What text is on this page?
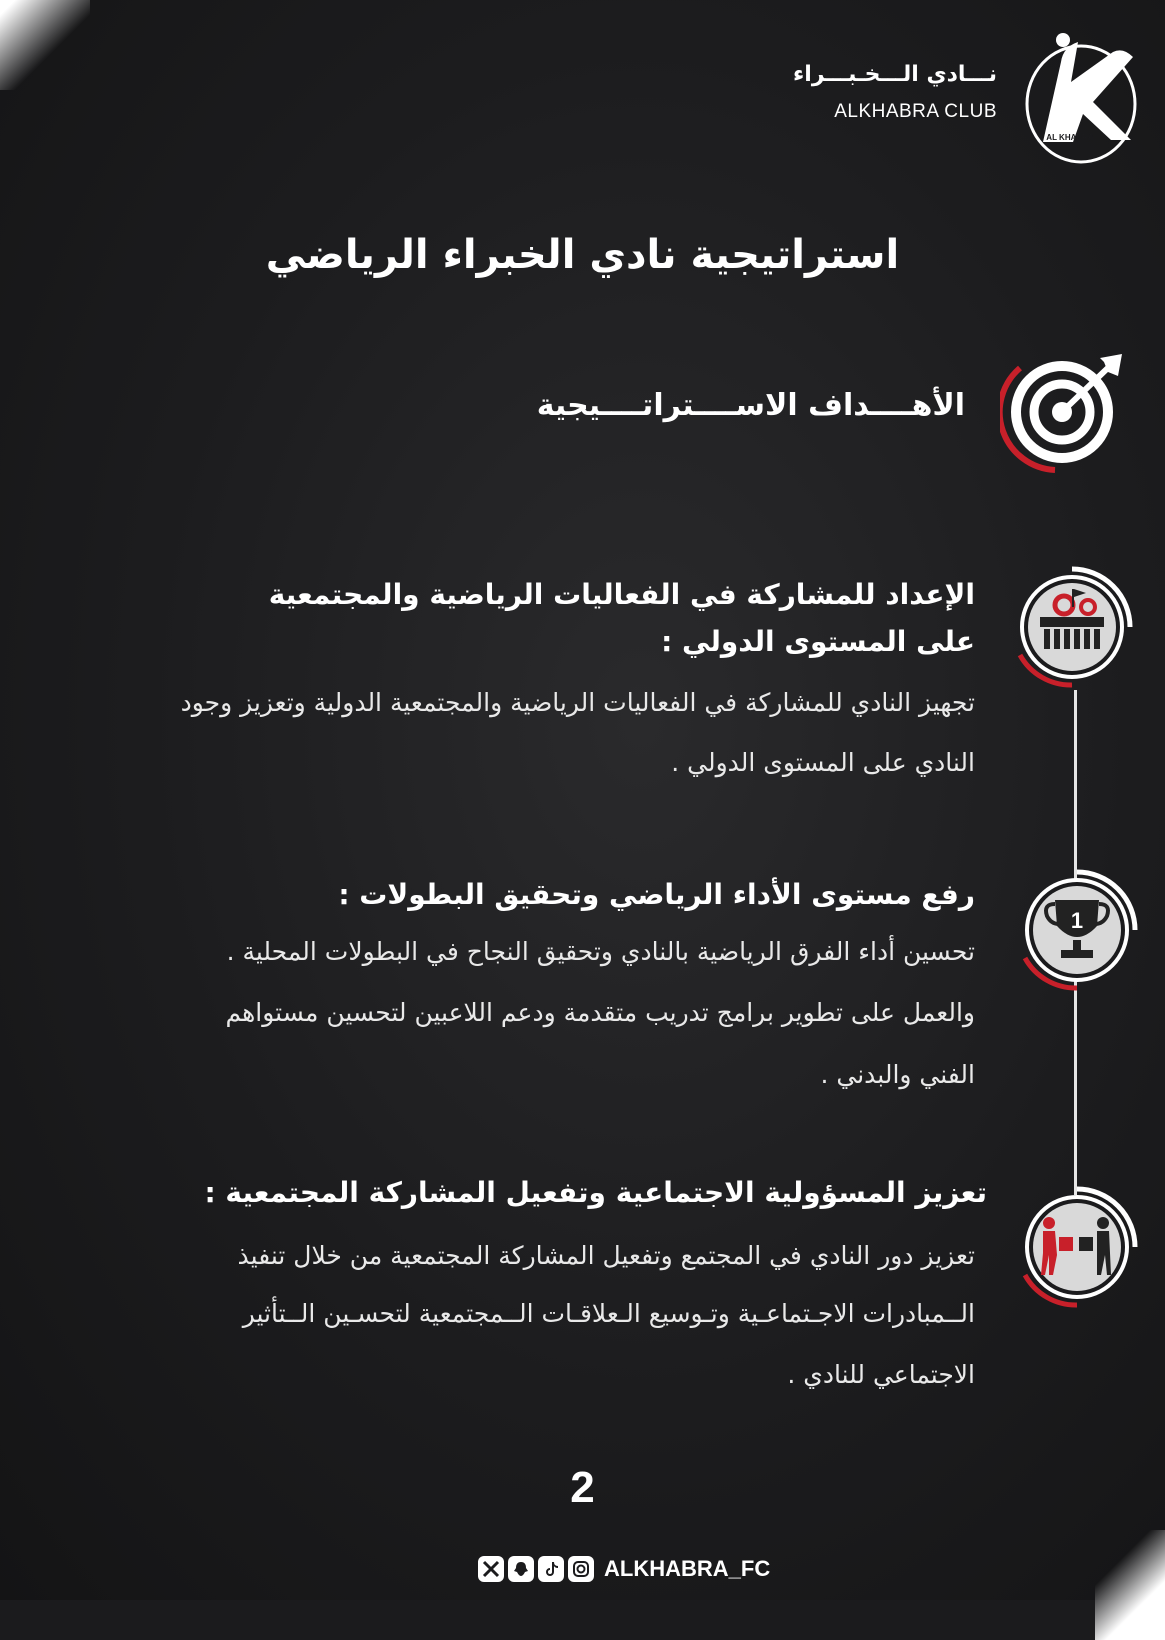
نـــادي الـــخـبـــراء
ALKHABRA CLUB
AL KHABRA
الخبراء
استراتيجية نادي الخبراء الرياضي
الأهــــداف الاســــتراتــــيجية
الإعداد للمشاركة في الفعاليات الرياضية والمجتمعية
على المستوى الدولي :
تجهيز النادي للمشاركة في الفعاليات الرياضية والمجتمعية الدولية وتعزيز وجود
النادي على المستوى الدولي .
1
رفع مستوى الأداء الرياضي وتحقيق البطولات :
تحسين أداء الفرق الرياضية بالنادي وتحقيق النجاح في البطولات المحلية .
والعمل على تطوير برامج تدريب متقدمة ودعم اللاعبين لتحسين مستواهم
الفني والبدني .
تعزيز المسؤولية الاجتماعية وتفعيل المشاركة المجتمعية :
تعزيز دور النادي في المجتمع وتفعيل المشاركة المجتمعية من خلال تنفيذ
الــمبادرات الاجـتماعـية وتـوسيع الـعلاقـات الــمجتمعية لتحسـين الــتأثير
الاجتماعي للنادي .
2
ALKHABRA_FC
